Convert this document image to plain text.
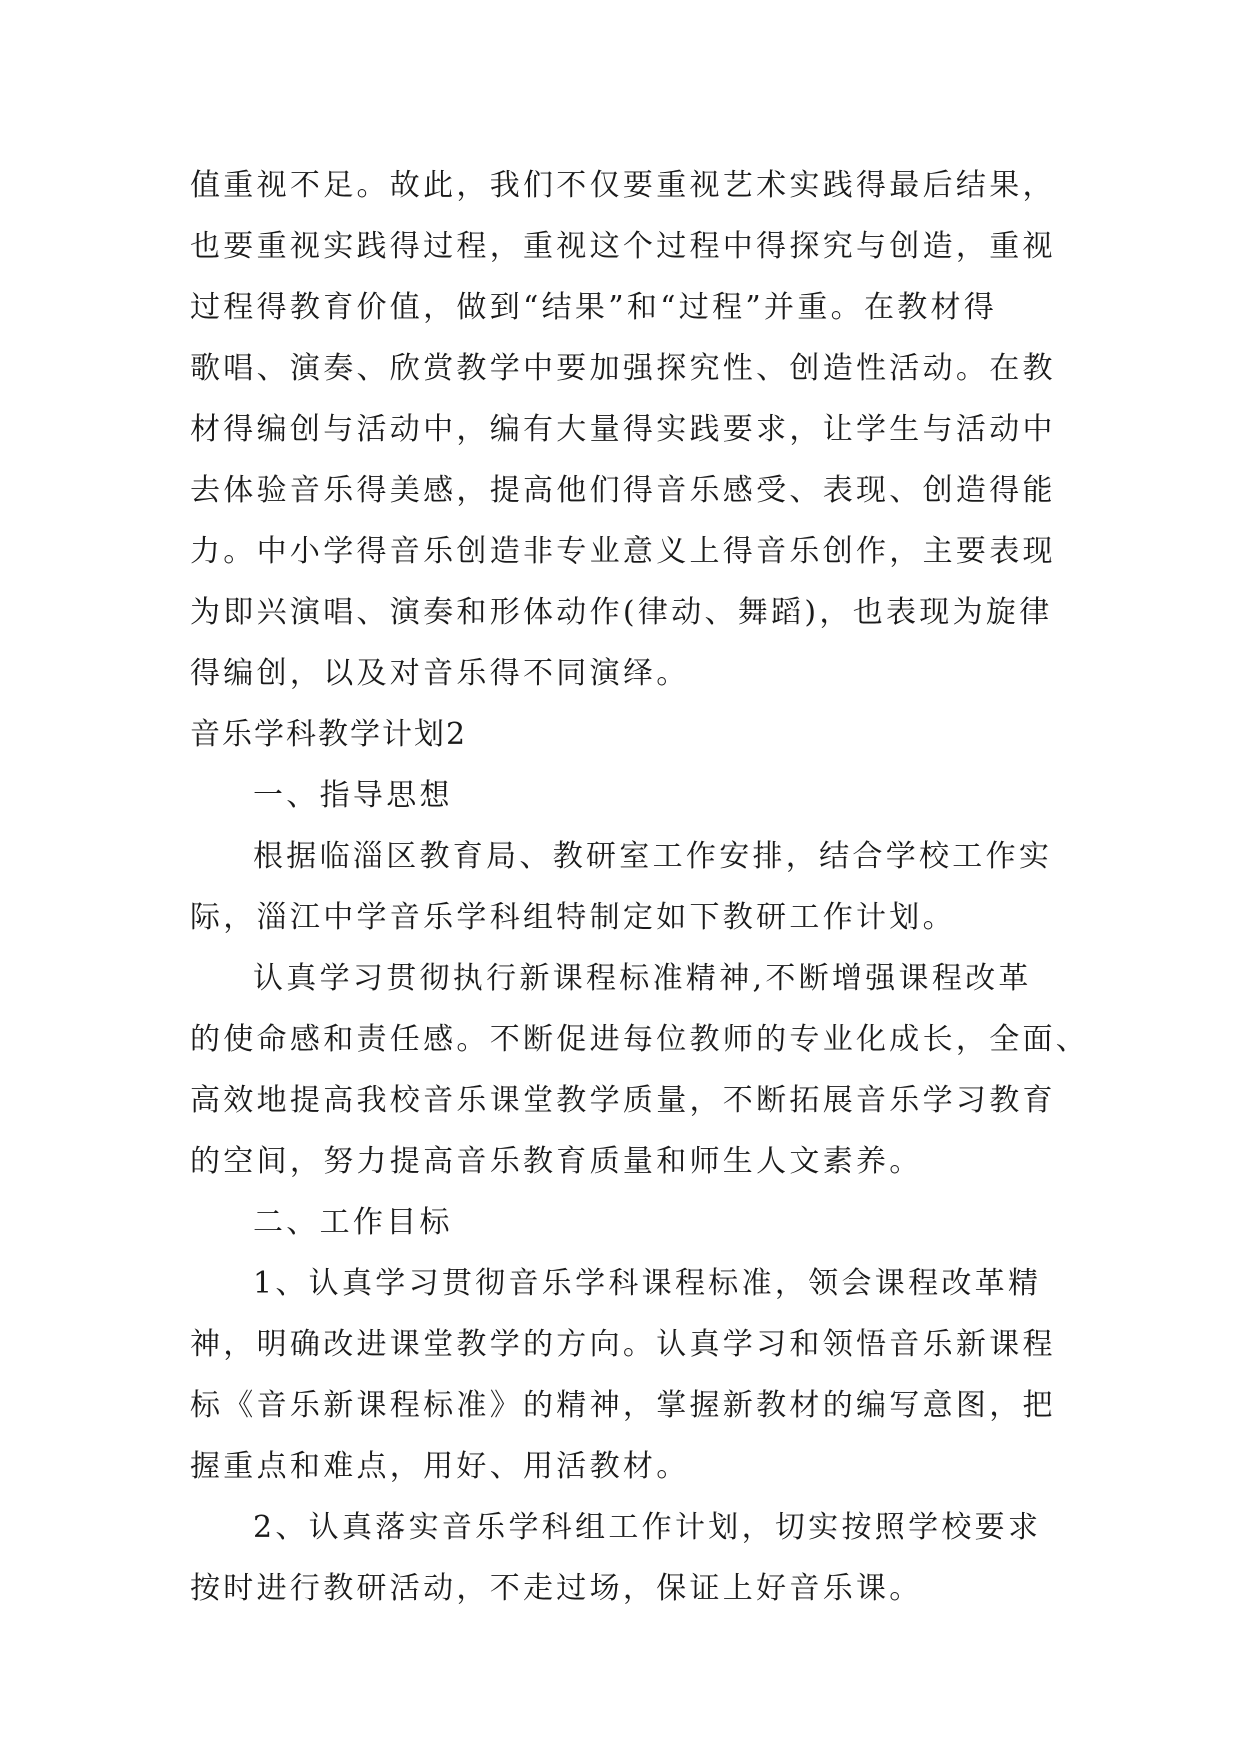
值重视不足。故此，我们不仅要重视艺术实践得最后结果，
也要重视实践得过程，重视这个过程中得探究与创造，重视
过程得教育价值，做到“结果”和“过程”并重。在教材得
歌唱、演奏、欣赏教学中要加强探究性、创造性活动。在教
材得编创与活动中，编有大量得实践要求，让学生与活动中
去体验音乐得美感，提高他们得音乐感受、表现、创造得能
力。中小学得音乐创造非专业意义上得音乐创作，主要表现
为即兴演唱、演奏和形体动作(律动、舞蹈)，也表现为旋律
得编创，以及对音乐得不同演绎。
音乐学科教学计划2
一、指导思想
根据临淄区教育局、教研室工作安排，结合学校工作实
际，淄江中学音乐学科组特制定如下教研工作计划。
认真学习贯彻执行新课程标准精神,不断增强课程改革
的使命感和责任感。不断促进每位教师的专业化成长，全面、
高效地提高我校音乐课堂教学质量，不断拓展音乐学习教育
的空间，努力提高音乐教育质量和师生人文素养。
二、工作目标
1、认真学习贯彻音乐学科课程标准，领会课程改革精
神，明确改进课堂教学的方向。认真学习和领悟音乐新课程
标《音乐新课程标准》的精神，掌握新教材的编写意图，把
握重点和难点，用好、用活教材。
2、认真落实音乐学科组工作计划，切实按照学校要求
按时进行教研活动，不走过场，保证上好音乐课。
